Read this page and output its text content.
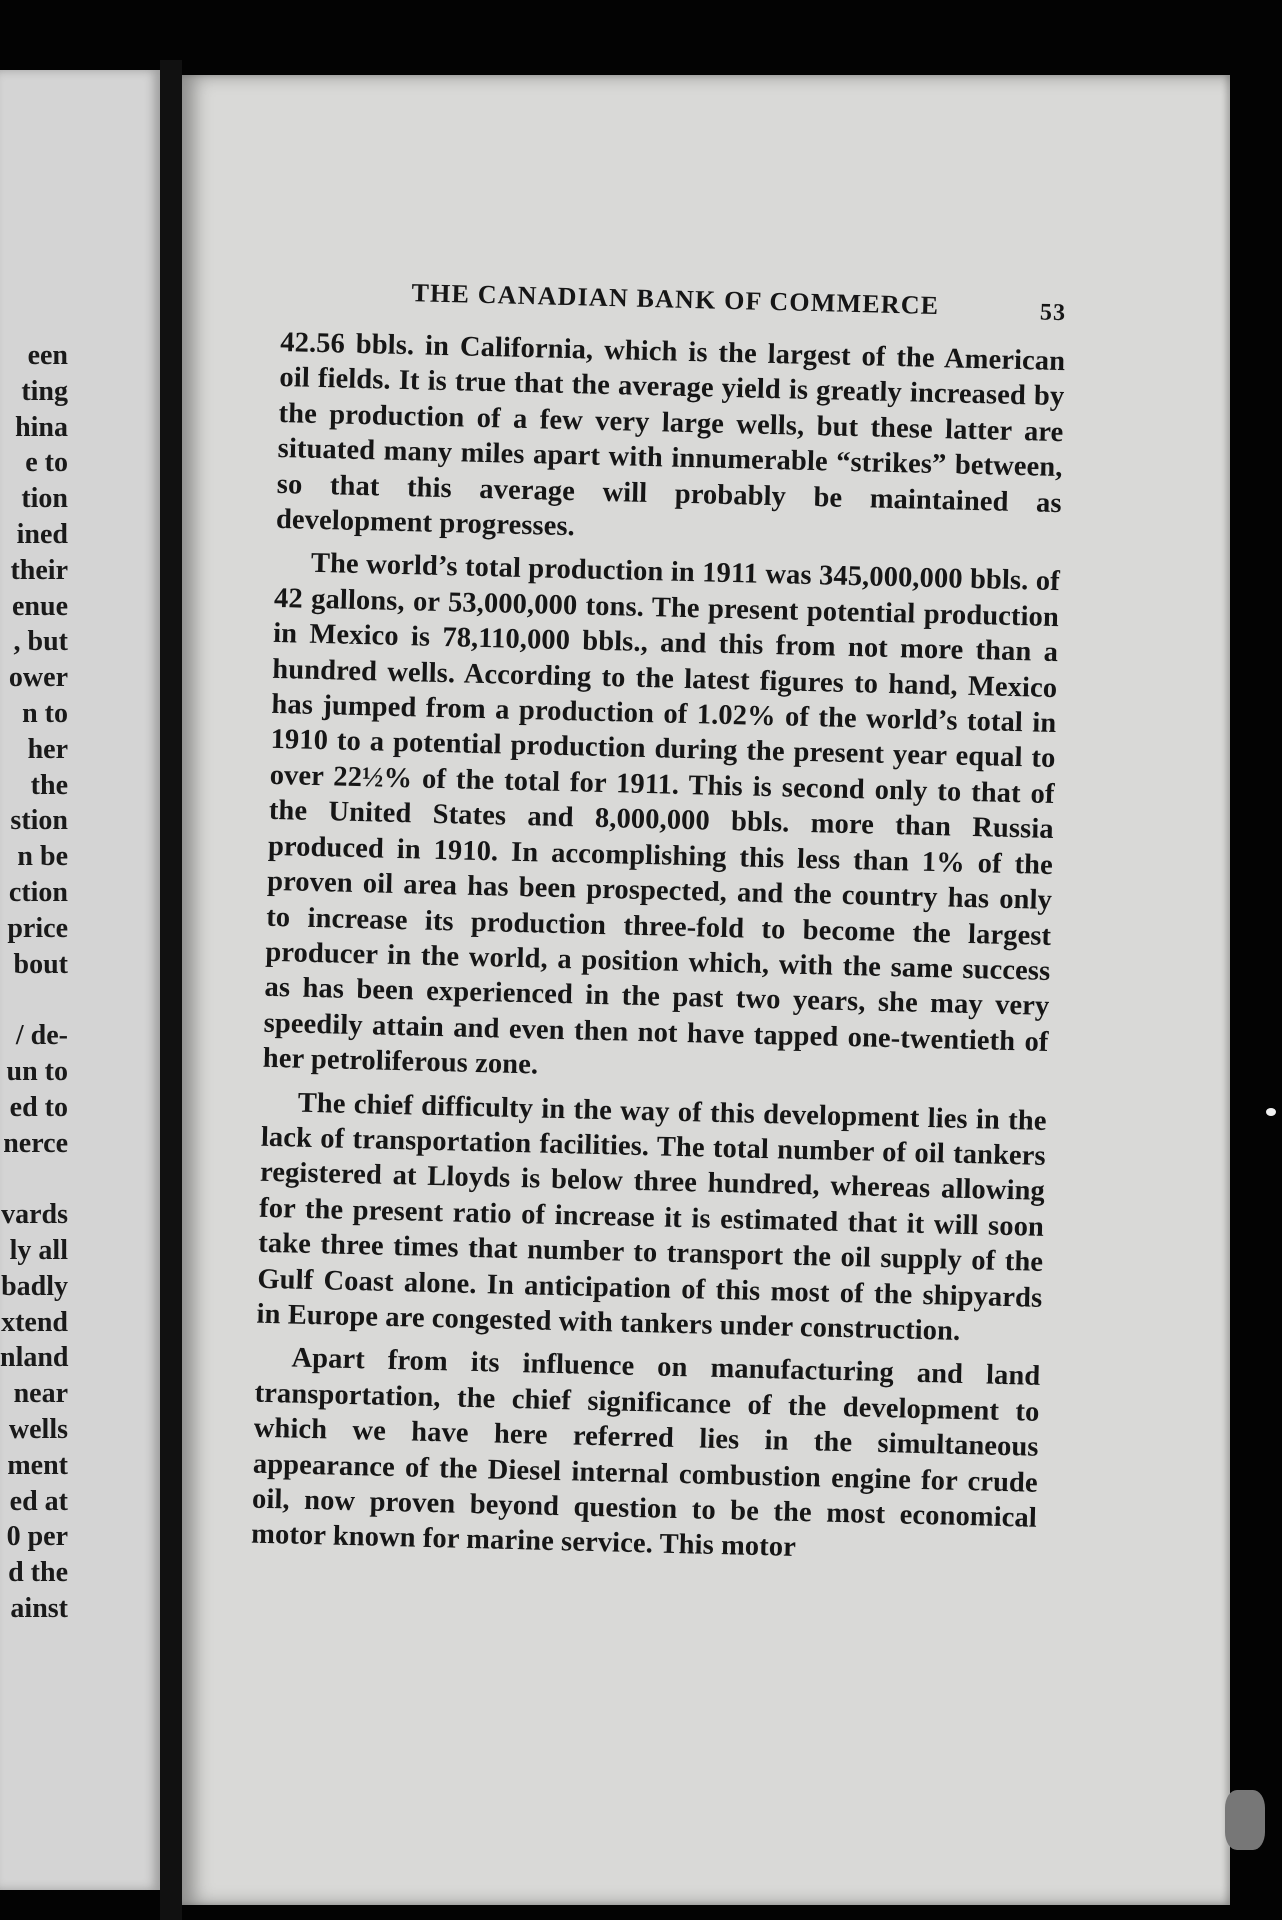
een
ting
hina
e to
tion
ined
their
enue
, but
ower
n to
her
the
stion
n be
ction
price
bout
/ de-
un to
ed to
nerce
vards
ly all
badly
xtend
nland
near
wells
ment
ed at
0 per
d the
ainst
THE CANADIAN BANK OF COMMERCE	53

42.56 bbls. in California, which is the largest of the American oil fields. It is true that the average yield is greatly increased by the production of a few very large wells, but these latter are situated many miles apart with innumerable “strikes” between, so that this average will probably be maintained as development progresses.

The world’s total production in 1911 was 345,000,000 bbls. of 42 gallons, or 53,000,000 tons. The present potential production in Mexico is 78,110,000 bbls., and this from not more than a hundred wells. According to the latest figures to hand, Mexico has jumped from a production of 1.02% of the world’s total in 1910 to a potential production during the present year equal to over 22½% of the total for 1911. This is second only to that of the United States and 8,000,000 bbls. more than Russia produced in 1910. In accomplishing this less than 1% of the proven oil area has been prospected, and the country has only to increase its production three-fold to become the largest producer in the world, a position which, with the same success as has been experienced in the past two years, she may very speedily attain and even then not have tapped one-twentieth of her petroliferous zone.

The chief difficulty in the way of this development lies in the lack of transportation facilities. The total number of oil tankers registered at Lloyds is below three hundred, whereas allowing for the present ratio of increase it is estimated that it will soon take three times that number to transport the oil supply of the Gulf Coast alone. In anticipation of this most of the shipyards in Europe are congested with tankers under construction.

Apart from its influence on manufacturing and land transportation, the chief significance of the development to which we have here referred lies in the simultaneous appearance of the Diesel internal combustion engine for crude oil, now proven beyond question to be the most economical motor known for marine service. This motor
